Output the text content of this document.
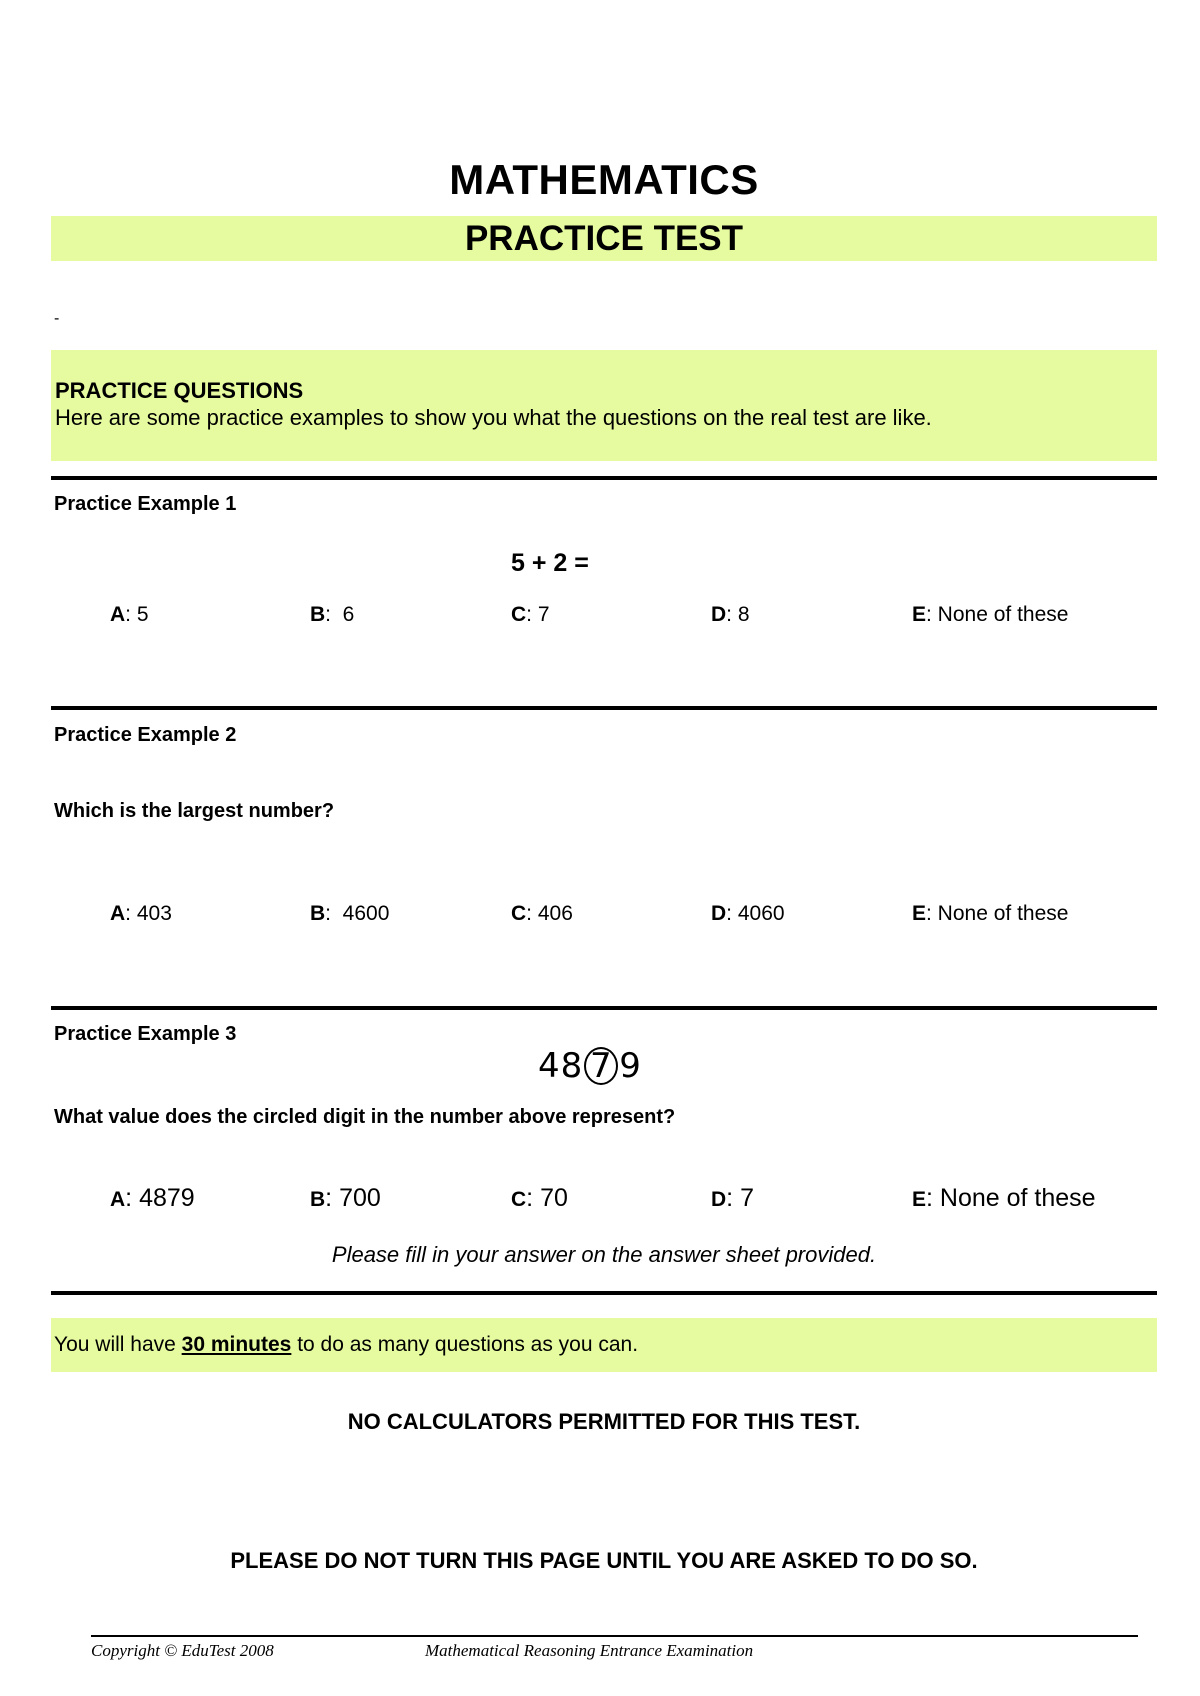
MATHEMATICS
PRACTICE TEST
-
PRACTICE QUESTIONS
Here are some practice examples to show you what the questions on the real test are like.
Practice Example 1
5 + 2 =
A: 5	B:  6	C: 7	D: 8	E: None of these
Practice Example 2
Which is the largest number?
A: 403	B:  4600	C: 406	D: 4060	E: None of these
Practice Example 3
48 7 9
What value does the circled digit in the number above represent?
A: 4879	B: 700	C: 70	D: 7	E: None of these
Please fill in your answer on the answer sheet provided.
You will have 30 minutes to do as many questions as you can.
NO CALCULATORS PERMITTED FOR THIS TEST.
PLEASE DO NOT TURN THIS PAGE UNTIL YOU ARE ASKED TO DO SO.
Copyright © EduTest 2008	Mathematical Reasoning Entrance Examination
